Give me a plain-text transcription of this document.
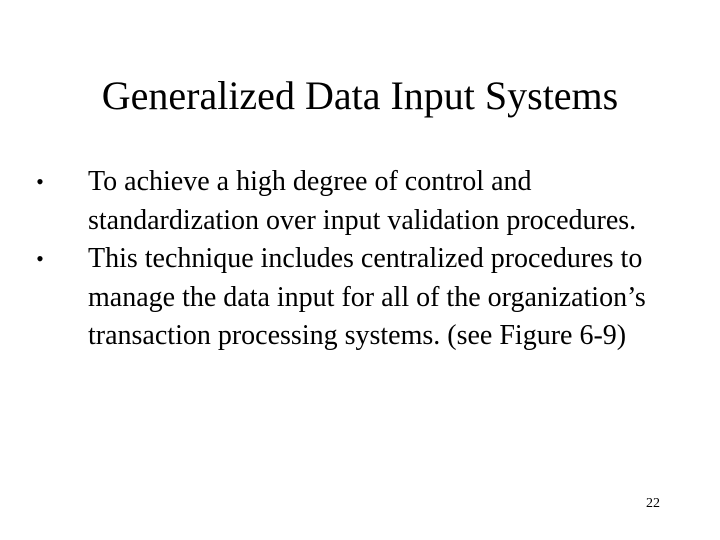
Generalized Data Input Systems
• To achieve a high degree of control and standardization over input validation procedures.
• This technique includes centralized procedures to manage the data input for all of the organization’s transaction processing systems. (see Figure 6-9)
22
